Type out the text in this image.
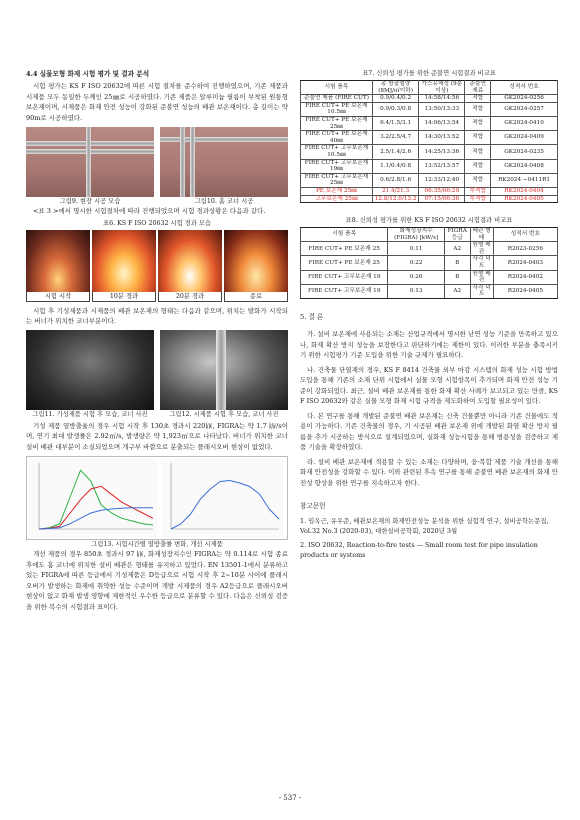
4.4 실물모형 화재 시험 평가 및 결과 분석

시험 평가는 KS F ISO 20632에 따른 시험 절차를 준수하여 진행하였으며, 기존 제품과 시제품 모두 동일한 두께인 25㎜로 시공하였다. 기존 제품은 알루미늄 필름이 부착된 원통형 보온재이며, 시제품은 화재 안전 성능이 강화된 준불연 성능의 배관 보온재이다. 총 길이는 약 90m로 시공하였다.

그림9. 현장 시공 모습	그림10. 홈 코너 시공

<표 3 >에서 명시한 시험절차에 따라 진행되었으며 시험 경과상황은 다음과 같다.

표6. KS F ISO 20632 시험 경과 모습
시험 시작	10분 경과	20분 경과	종료

시험 후 기성제품과 시제품의 배관 보온재의 형태는 다음과 같으며, 위치는 발화가 시작되는 버너가 위치한 코너부분이다.

그림11. 기성제품 시험 후 모습, 코너 사진	그림12. 시제품 시험 후 모습, 코너 사진

기성 제품 열방출율의 경우 시험 시작 후 130초 경과시 220㎾, FIGRA는 약 1.7 ㎾/s이며, 연기 최대 발생률은 2.92㎡/s, 발생량은 약 1,923㎡으로 나타났다. 버너가 위치한 코너 설비 배관 대부분이 소실되었으며 개구부 바깥으로 분출되는 플래시오버 현상이 없었다.

그림13. 시험시간별 열방출률 변화, 개선 시제품

개선 제품의 경우 850초 경과시 97 ㎾, 화재성장지수인 FIGRA는 약 0.114로 시험 종료 후에도 홈 코너에 위치한 설비 배관은 형태를 유지하고 있었다. EN 13501-1에서 분류하고 있는 FIGRA에 따른 등급에서 기성제품은 D등급으로 시험 시작 후 2~10분 사이에 플래시 오버가 발생하는 화재에 취약한 성능 수준이며 개발 시제품의 경우 A2등급으로 플래시오버 현상이 없고 화재 발생 영향에 제한적인 우수한 등급으로 분류할 수 있다. 다음은 신뢰성 검증을 위한 복수의 시험결과 표이다.

표7. 신뢰성 평가를 위한 준불연 시험결과 비교표
시험 품목	총 방출열량 (8MJ/㎡이하)	가스유해성 (9분 이상)	준불연 재료	성적서 번호
준불연 제품 (FIRE CUT)	0.9/0.4/0.2	14:58/14:56	적합	GK2024-0256
FIRE CUT+ PE 보온재 10.5㎜	0.9/0.3/0.8	13:50/13:33	적합	GK2024-0257
FIRE CUT+ PE 보온재 25㎜	6.4/1.5/3.1	14:06/13:54	적합	GK2024-0410
FIRE CUT+ PE 보온재 40㎜	3.2/2.5/4.7	14:30/13:52	적합	GK2024-0409
FIRE CUT+ 고무보온재 10.5㎜	2.5/1.4/2.6	14:25/13:36	적합	GK2024-0235
FIRE CUT+ 고무보온재 19㎜	1.1/0.4/0.8	13:52/13:57	적합	GK2024-0408
FIRE CUT+ 고무보온재 25㎜	0.6/2.8/1.6	12:33/12:40	적합	RK2024 −0411R1
PE 보온재 25㎜	21.4/21.3	06:35/06:29	부적합	RK2024-0404
고무보온재 25㎜	12.8/12.0/13.2	07:15/06:36	부적합	RK2024-0405
표8. 신뢰성 평가를 위한 KS F ISO 20632 시험결과 비교표
시험 품목	화재성장지수 (FIGRA) [kW/s]	FIGRA 등급	배관 형태	성적서 번호
FIRE CUT+ PE 보온재 25	0.11	A2	원형 배관	R2023-0256
FIRE CUT+ PE 보온재 25	0.22	B	사각 덕트	R2024-0403
FIRE CUT+ 고무보온재 19	0.26	B	원형 배관	R2024-0402
FIRE CUT+ 고무보온재 19	0.13	A2	사각 덕트	R2024-0405
5. 결 론

가. 설비 보온재에 사용되는 소재는 산업규격에서 명시한 난연 성능 기준을 만족하고 있으나, 화재 확산 방지 성능을 보장한다고 판단하기에는 제한이 있다. 이러한 부분을 충족시키기 위한 시험평가 기준 도입을 위한 기술 규제가 필요하다.

나. 건축물 단열재의 경우, KS F 8414 건축물 외부 마감 시스템의 화재 성능 시험 방법 도입을 통해 기존의 소재 단위 시험에서 실물 모형 시험항목이 추가되며 화재 안전 성능 기준이 강화되었다. 최근, 설비 배관 보온재를 통한 화재 확산 사례가 보고되고 있는 만큼, KS F ISO 20632와 같은 실물 모형 화재 시험 규격을 제도화하여 도입할 필요성이 있다.

다. 본 연구를 통해 개발된 준불연 배관 보온재는 신축 건물뿐만 아니라 기존 건물에도 적용이 가능하다. 기존 건축물의 경우, 기 시공된 배관 보온재 위에 개발된 화염 확산 방지 필름을 추가 시공하는 방식으로 설계되었으며, 실화재 성능시험을 통해 범용성을 검증하고 제품 기술을 확장하였다.

라. 설비 배관 보온재에 적용할 수 있는 소재는 다양하며, 융·복합 제품 기술 개선을 통해 화재 안전성을 강화할 수 있다. 이와 관련된 후속 연구를 통해 준불연 배관 보온재의 화재 안전성 향상을 위한 연구를 지속하고자 한다.

참고문헌

1. 임옥근, 유우준, 배관보온재의 화재안전성능 분석을 위한 실험적 연구, 설비공학논문집, Vol.32 No.3 (2020-03), 대한설비공학회, 2020년 3월

2. ISO 20632, Reaction-to-fire tests — Small room test for pipe insulation products or systems

- 537 -
